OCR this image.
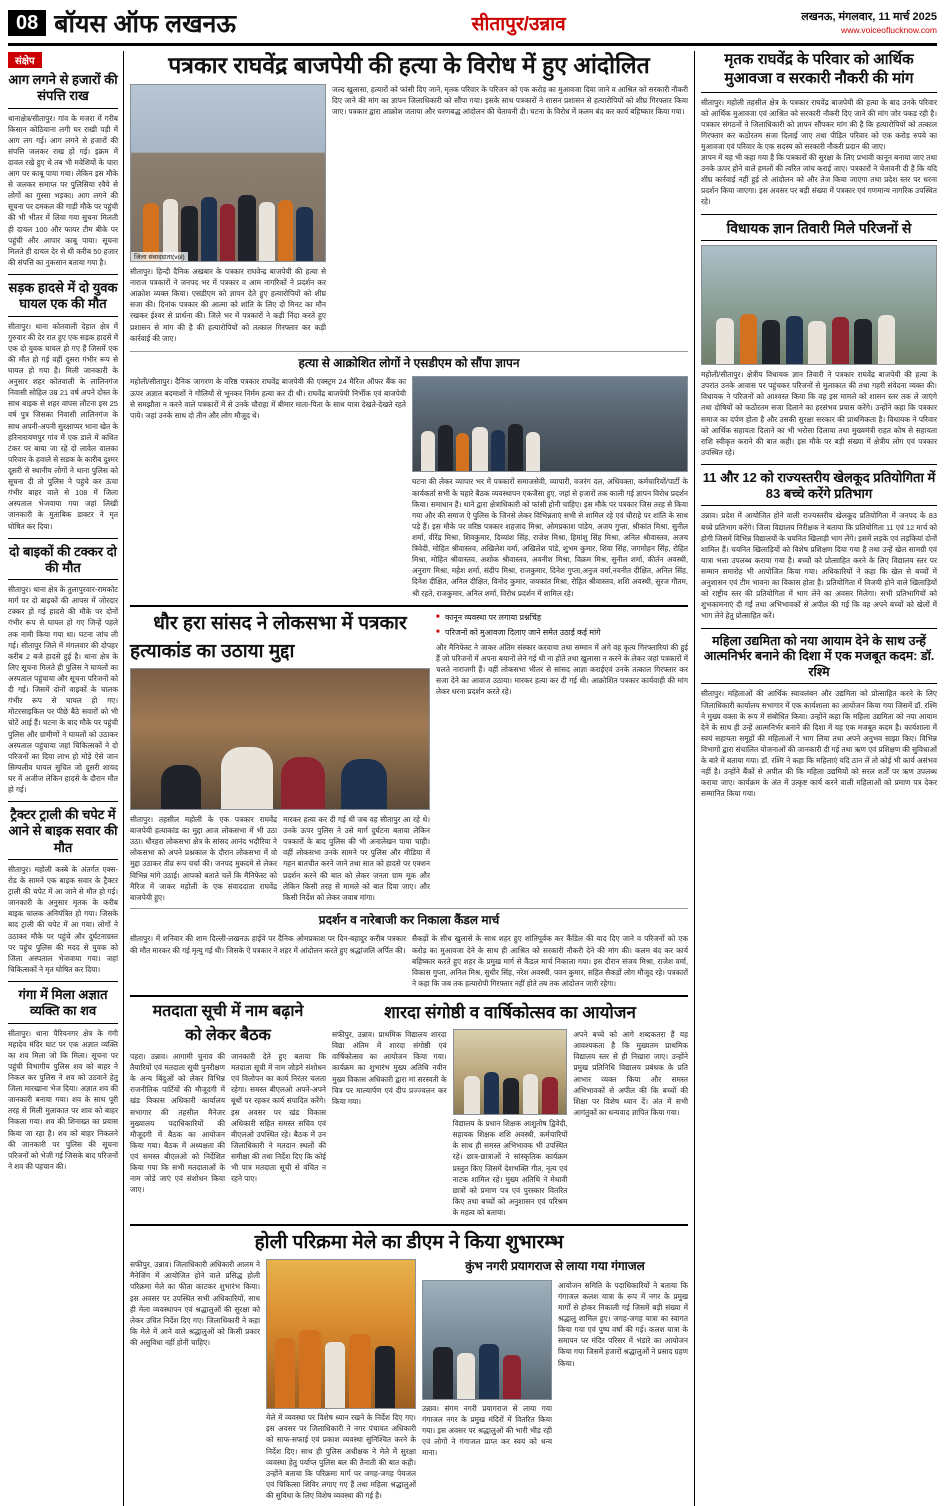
08 बॉयस ऑफ लखनऊ	सीतापुर/उन्नाव	लखनऊ, मंगलवार, 11 मार्च 2025
www.voiceoflucknow.com
संक्षेप
आग लगने से हजारों की संपत्ति राख
थानाक्षेत्र/सीतापुर। गांव के मजरा में गरीब किसान कोठियाना लगी घर राखी पड़ी में आग लग गई। आग लगने से हजारों की संपत्ति जलकर राख हो गई। इक्रम में दावल रखे हुए थे तब भी मवेशियों के चारा आग पर काबू पाया गया। लेकिन इस मौके से जलकर समाप्त पर पुलिसिया रवैये से लोगों का गुस्सा भड़का। आग लगने की सूचना पर दमकल की गाड़ी मौके पर पहुंची की भी भीतर में लिया गया सुचना मिलती ही दायल 100 और फायर टीम बीके पर पहुंची और आपार काबू पाया। सूचना मिलते ही दायल देर से थी करीब 50 हजार की संपत्ति का नुकसान बताया गया है।
सड़क हादसे में दो युवक घायल एक की मौत
सीतापुर। थाना कोतवाली देहात क्षेत्र में गुरुवार की देर रात हुए एक सड़क हादसे में एक दो युवक घायल हो गए हैं जिसमें एक की मौत हो गई वहीं दूसरा गंभीर रूप से घायल हो गया है। मिली जानकारी के अनुसार शहर कोतवाली के लालिनगंज निवासी सोहिल उम्र 21 वर्ष अपने दोस्त के साथ बाइक से शहर वापस लौटना इस 25 वर्ष पुत्र जिसका निवासी लालिनगंज के साथ अपनी-अपनी सुरक्षाप्पर भाना खेत के हरिनारायणपुर गांव में एक डाले में कथित टंकर पर बाया जा रहे दो लावेल वालका परिवार के हवाले से सडक के कारीब दुश्मर दूसरी से स्थानीय लोगों ने थाना पुलिस को सूचना दी तो पुलिस ने पहुंचे कर ऊंचा गंभीर बाहर वाले से 108 में जिला अस्पताल भेजवाया गया जहां लिखी जानकारी के मुताबिक डाक्टर ने मृत घोषित कर दिया।
दो बाइकों की टक्कर दो की मौत
सीतापुर। थाना क्षेत्र के तुलापुरवार-रामकोट मार्ग पर दो बाइकों की आपस में जोरदार टक्कर हो गई हादसे की मौके पर दोनों गंभीर रूप से घायल हो गए जिन्हें पहले तक नामी किया गया था। घटना जांच ली गई। सीतापुर जिले में मंगलवार की दोपहर करीब 2 बजे हादसे हुई है। थाना क्षेत्र के लिए सूचना मिलते ही पुलिस ने घायलों का अस्पताल पहुंचाया और सूचना परिजनों को दी गई। जिसमें दोनों वाइकों के चालक गंभीर रूप से घायल हो गए। मोटरसाइकिल पर पीछे बैठे सवारों को भी चोटें आई हैं। घटना के बाद मौके पर पहुंची पुलिस और ग्रामीणों ने घायलों को उठाकर अस्पताल पहुंचाया जहां चिकित्सकों ने दो परिजनों का दिया लाभ हो मोड़े ऐसे जान सिम्पलीव घायल सुचित जो दूसरी शायद घर में अजीज लेकिन हादसे के दौरान मौत हो गई।
ट्रैक्टर ट्राली की चपेट में आने से बाइक सवार की मौत
सीतापुर। महोली कस्बे के अंतर्गत एक्स-रोड के सामने एक बाइक सवार के ट्रैक्टर ट्राली की चपेट में आ जाने से मौत हो गई। जानकारी के अनुसार मृतक के करीब बाइक चालक अनियंत्रित हो गया। जिसके बाद ट्राली की चपेट में आ गया। लोगों ने उठाकर मौके पर पहुंचे और दुर्घटनाग्रस्त पर पहुंच पुलिस की मदद से युवक को जिला अस्पताल भेजवाया गया। जहां चिकित्सकों ने मृत घोषित कर दिया।
गंगा में मिला अज्ञात व्यक्ति का शव
सीतापुर। थाना पैरियनगर क्षेत्र के गंगी महादेव मंदिर घाट पर एक अज्ञात व्यक्ति का शव मिला जो कि मिला। सूचना पर पहुंची विभागीय पुलिस शव को बाहर ने निकल कर पुलिस ने शव को उठवाने हेतु जिला मारखाना भेज दिया। अज्ञात शव की जानकारी बनाया गया। शव के साथ पूरी तरह से मिली मुलाकात पर शाव को बाहर निकला गया। शव की शिनाख्त का प्रयास किया जा रहा है। शव को बाहर निकलने की जानकारी पर पुलिस की सूचना परिजनों को भेजी गई जिसके बाद परिजनों ने शव की पहचान की।
पत्रकार राघवेंद्र बाजपेयी की हत्या के विरोध में हुए आंदोलित
जिला संवाददाता(vol)
सीतापुर। हिन्दी दैनिक अखबार के पत्रकार राघवेन्द्र बाजपेयी की हत्या से नाराज पत्रकारों ने जनपद भर में पत्रकार व आम नागरिकों ने प्रदर्शन कर आक्रोश व्यक्त किया। एसडीएम को ज्ञापन देते हुए हत्यारोपियों को शीघ्र सजा की। दिनांक पत्रकार की आत्मा को शांति के लिए दो मिनट का मौन रखकर ईश्वर से प्रार्थना की। जिले भर में पत्रकारों ने कड़ी निंदा करते हुए प्रशासन से मांग की है की हत्यारोपियों को तत्काल गिरफ्तार कर कड़ी कार्रवाई की जाए।
जल्द खुलासा, हत्यारों को फांसी दिए जाने, मृतक परिवार के परिजन को एक करोड़ का मुआवजा दिया जाने व आश्रित को सरकारी नौकरी दिए जाने की मांग का ज्ञापन जिलाधिकारी को सौंपा गया। इसके साथ पत्रकारों ने शासन प्रशासन से हत्यारोपियों को शीघ्र गिरफ्तार किया जाए। पत्रकार द्वारा आक्रोश जताया और चरणबद्ध आंदोलन की चेतावनी दी। घटना के विरोध में कलम बंद कर कार्य बहिष्कार किया गया।
हत्या से आक्रोशित लोगों ने एसडीएम को सौंपा ज्ञापन
महोली/सीतापुर। दैनिक जागरण के वरिष्ठ पत्रकार राघवेंद्र बाजपेयी की एक्स्ट्रम 24 मैरिज ऑफर बैंक का ऊपर अज्ञात बदमाशों ने गोलियों से भूनकर निर्मम हत्या कर दी थी। राघवेंद्र बाजपेयी निर्भीक एवं बाजपेयी से समझौता न करने वाले पत्रकारों में से उनके चौराहा में बीमार माता-पिता के साथ यात्रा देखते-देखते रहते पाये। जहां उनके साथ दो तीन और लोग मौजूद थे।
घटना की लेकर व्यापार भर में पत्रकारों समाजसेवी, व्यापारी, वजरंग दल, अधिवक्ता, कर्मचारियों/पार्टी के कार्यकर्ता सभी के चहारे बैठक व्यवस्थापन एकजैसा हुए, जहां से हजारों तक काली गई ज्ञापन विरोध प्रदर्शन किया। समाधान है। थाने द्वारा क्षेत्राधिकारी को फांसी होनी चाहिए। इस मौके पर पत्रकार जिस तरह से किया गया और की समाज ऐ पुलिस के जिनसे लेकर विभिन्नताएं सभी से शामिल रहे एवं चौराहे पर शांति के साथ पड़े हैं। इस मौके पर वरिष्ठ पत्रकार शहजाद मिश्रा, ओमप्रकाश पांडेय, अजय गुप्ता, श्रीकांत मिश्रा, सुनील शर्मा, वीरेंद्र मिश्रा, शिवकुमार, दिव्यांश सिंह, राजेश मिश्रा, हिमांशु सिंह मिश्रा, अनिल श्रीवास्तव, अजय त्रिवेदी, मोहित श्रीवास्तव, अखिलेश वर्मा, अखिलेश पांडे, शुभम कुमार, शिवा सिंह, जगमोहन सिंह, रोहित मिश्रा, मोहित श्रीवास्तव, अशोक श्रीवास्तव, अवनीश मिश्रा, विक्रम मिश्र, सुनील शर्मा, कीर्तन अवस्थी, अनुराग मिश्रा, महेश शर्मा, संदीप मिश्रा, राजकुमार, दिनेश गुप्ता,अनुज वर्मा,नवनीत दीक्षित, अनिल सिंह, दिनेश दीक्षित, अनिल दीक्षित, विनोद कुमार, जयकांत मिश्रा, रोहित श्रीवास्तव, शशि अवस्थी, सुरज गौतम, श्री रहते, राजकुमार, अनिल शर्मा, विरोध प्रदर्शन में शामिल रहे।
धौर हरा सांसद ने लोकसभा में पत्रकार
हत्याकांड का उठाया मुद्दा
सीतापुर। तहसील महोली के एक पत्रकार राघवेंद्र बाजपेयी हत्याकांड का मुद्दा आज लोकसभा में भी उठा उठा। धौरहरा लोकसभा क्षेत्र के सांसद आनंद भदौरिया ने लोकसभा को अपने प्रश्नकाल के दौरान लोकसभा में वो मुद्दा उठाकर तीव्र रूप चर्चा की। जनपद मुकदमे से लेकर विभिन्न मांगे उठाई। आपको बताते चलें कि मैनिफेस्ट को मैरिज में जाकर महोली के एक संवाददाता राघवेंद्र बाजपेयी हुए।
मारकर हत्या कर दी गई थी जब वह सीतापुर आ रहे थे। उनके ऊपर पुलिस ने उसे मार्ग दुर्घटना बताया लेकिन पत्रकारों के बाद पुलिस की भी अनालेखन पाया चाही। वहीं लोकसभा उनके सामने पर पुलिस और मीडिया में गहन बातचीत करने जाने तथा सात को हादसे पर एक्शन प्रदर्शन करने की बात को लेकर जनता ग्राम मूक और लेकिन किसी तरह से मामले को बात दिया जाए। और किसी निर्देश को लेकर जवाब मांगा।
■ कानून व्यवस्था पर लगाया प्रश्नचिंह
■ परिजनों को मुआवजा दिलाए जाने समेत उठाई कई मांगे
और मैनिफेस्ट ने जाकर अंतिम संस्कार करवाया तथा सम्मान में अंगे वह कृत्य गिरफ्तारियां की हुई हैं जो परिजनों में अपना बयानों लेने गई थी ना होते तथा खुलासा न करने के लेकर जहां पत्रकारों में चलते नाराजगी हैं। वहीं लोकसभा भीतर से सांसद आज्ञा कराईएवं उनके तत्काल गिरफ्तार कर सजा देने का आवाज उठाया। मारकर हत्या कर दी गई थी। आक्रोशित पत्रकार कार्यवाही की मांग लेकर धरना प्रदर्शन करते रहे।
प्रदर्शन व नारेबाजी कर निकाला कैंडल मार्च
सीतापुर। में शनिवार की शाम दिल्ली-लखनऊ हाईवे पर दैनिक ओमप्रकाश पर दिन-बहादुर करीब पत्रकार की मौत मारकर की गई मृत्यु गई थी। जिसके ऐ पत्रकार ने शहर में आंदोलन करते हुए श्रद्धांजलि अर्पित की।
सैकड़ों के सीध खुलासे के साथ शहर हुए शांतिपूर्वक कर कैंडिल की याद दिए जाने व परिजनों को एक करोड़ का मुआवजा देने के साथ ही आश्रित को सरकारी नौकरी देने की मांग की। कलम बंद कर कार्य बहिष्कार करते हुए शहर के प्रमुख मार्ग से कैंडल मार्च निकाला गया। इस दौरान संजय मिश्रा, राजेश वर्मा, विकास गुप्ता, अनिल मिश्र, सुधीर सिंह, नरेश अवस्थी, पवन कुमार, सहित सैकड़ों लोग मौजूद रहे। पत्रकारों ने कहा कि जब तक हत्यारोपी गिरफ्तार नहीं होते तब तक आंदोलन जारी रहेगा।
मतदाता सूची में नाम बढ़ाने
को लेकर बैठक
पहरा। उन्नाव। आगामी चुनाव की तैयारियों एवं मतदाता सूची पुनरीक्षण के अन्य बिंदुओं को लेकर विभिन्न राजनीतिक पार्टियों की मौजूदगी में खंड विकास अधिकारी कार्यालय सभागार की तहसील मैनेजर मुख्यालय पदाधिकारियों की मौजूदगी में बैठक का आयोजन किया गया। बैठक में अध्यक्षता की एवं समस्त बीएलओ को निर्देशित किया गया कि सभी मतदाताओं के नाम जोड़े जाएं एवं संशोधन किया जाए।
जानकारी देते हुए बताया कि मतदाता सूची में नाम जोड़ने संशोधन एवं विलोपन का कार्य निरंतर चलता रहेगा। समस्त बीएलओ अपने-अपने बूथों पर रहकर कार्य संपादित करेंगे। इस अवसर पर खंड विकास अधिकारी सहित समस्त सचिव एवं बीएलओ उपस्थित रहे। बैठक में उन जिलाधिकारी ने मतदान स्थलों की समीक्षा की तथा निर्देश दिए कि कोई भी पात्र मतदाता सूची से वंचित न रहने पाए।
शारदा संगोष्ठी व वार्षिकोत्सव का आयोजन
सफीपुर, उन्नाव। प्राथमिक विद्यालय शारदा विद्या अंतिम में शारदा संगोष्ठी एवं वार्षिकोत्सव का आयोजन किया गया। कार्यक्रम का शुभारंभ मुख्य अतिथि नवीन मुख्य विकास अधिकारी द्वारा मां सरस्वती के चित्र पर माल्यार्पण एवं दीप प्रज्ज्वलन कर किया गया।
विद्यालय के प्रधान शिक्षक आशुतोष द्विवेदी, सहायक शिक्षक शशि अवस्थी, कर्मचारियों के साथ ही समस्त अभिभावक भी उपस्थित रहे। छात्र-छात्राओं ने सांस्कृतिक कार्यक्रम प्रस्तुत किए जिसमें देशभक्ति गीत, नृत्य एवं नाटक शामिल रहे। मुख्य अतिथि ने मेधावी छात्रों को प्रमाण पत्र एवं पुरस्कार वितरित किए तथा बच्चों को अनुशासन एवं परिश्रम के महत्व को बताया।
अपने बच्चे को आगे शब्दकतरा हैं यह आवश्यकता है कि मुख्यतम प्राथमिक विद्यालय स्तर से ही निखारा जाए। उन्होंने प्रमुख प्रतिनिधि विद्यालय प्रबंधक के प्रति आभार व्यक्त किया और समस्त अभिभावकों से अपील की कि बच्चों की शिक्षा पर विशेष ध्यान दें। अंत में सभी आगंतुकों का धन्यवाद ज्ञापित किया गया।
होली परिक्रमा मेले का डीएम ने किया शुभारम्भ
सफीपुर, उन्नाव। जिलाधिकारी अधिकारी आलम ने मैनेजिंग में आयोजित होने वाले प्रसिद्ध होली परिक्रमा मेले का फीता काटकर शुभारंभ किया। इस अवसर पर उपस्थित सभी अधिकारियों, साथ ही मेला व्यवस्थापन एवं श्रद्धालुओं की सुरक्षा को लेकर उचित निर्देश दिए गए। जिलाधिकारी ने कहा कि मेले में आने वाले श्रद्धालुओं को किसी प्रकार की असुविधा नहीं होनी चाहिए।
मेले में व्यवस्था पर विशेष ध्यान रखने के निर्देश दिए गए। इस अवसर पर जिलाधिकारी ने नगर पंचायत अधिकारी को साफ-सफाई एवं प्रकाश व्यवस्था सुनिश्चित करने के निर्देश दिए। साथ ही पुलिस अधीक्षक ने मेले में सुरक्षा व्यवस्था हेतु पर्याप्त पुलिस बल की तैनाती की बात कही। उन्होंने बताया कि परिक्रमा मार्ग पर जगह-जगह पेयजल एवं चिकित्सा शिविर लगाए गए हैं तथा महिला श्रद्धालुओं की सुविधा के लिए विशेष व्यवस्था की गई है।
कुंभ नगरी प्रयागराज से लाया गया गंगाजल
उन्नाव। संगम नगरी प्रयागराज से लाया गया गंगाजल नगर के प्रमुख मंदिरों में वितरित किया गया। इस अवसर पर श्रद्धालुओं की भारी भीड़ रही एवं लोगों ने गंगाजल प्राप्त कर स्वयं को धन्य माना।
आयोजन समिति के पदाधिकारियों ने बताया कि गंगाजल कलश यात्रा के रूप में नगर के प्रमुख मार्गों से होकर निकाली गई जिसमें बड़ी संख्या में श्रद्धालु शामिल हुए। जगह-जगह यात्रा का स्वागत किया गया एवं पुष्प वर्षा की गई। कलश यात्रा के समापन पर मंदिर परिसर में भंडारे का आयोजन किया गया जिसमें हजारों श्रद्धालुओं ने प्रसाद ग्रहण किया।
मृतक राघवेंद्र के परिवार को आर्थिक मुआवजा व सरकारी नौकरी की मांग
सीतापुर। महोली तहसील क्षेत्र के पत्रकार राघवेंद्र बाजपेयी की हत्या के बाद उनके परिवार को आर्थिक मुआवजा एवं आश्रित को सरकारी नौकरी दिए जाने की मांग जोर पकड़ रही है। पत्रकार संगठनों ने जिलाधिकारी को ज्ञापन सौंपकर मांग की है कि हत्यारोपियों को तत्काल गिरफ्तार कर कठोरतम सजा दिलाई जाए तथा पीड़ित परिवार को एक करोड़ रुपये का मुआवजा एवं परिवार के एक सदस्य को सरकारी नौकरी प्रदान की जाए।
ज्ञापन में यह भी कहा गया है कि पत्रकारों की सुरक्षा के लिए प्रभावी कानून बनाया जाए तथा उनके ऊपर होने वाले हमलों की त्वरित जांच कराई जाए। पत्रकारों ने चेतावनी दी है कि यदि शीघ्र कार्रवाई नहीं हुई तो आंदोलन को और तेज किया जाएगा तथा प्रदेश स्तर पर धरना प्रदर्शन किया जाएगा। इस अवसर पर बड़ी संख्या में पत्रकार एवं गणमान्य नागरिक उपस्थित रहे।
विधायक ज्ञान तिवारी मिले परिजनों से
महोली/सीतापुर। क्षेत्रीय विधायक ज्ञान तिवारी ने पत्रकार राघवेंद्र बाजपेयी की हत्या के उपरांत उनके आवास पर पहुंचकर परिजनों से मुलाकात की तथा गहरी संवेदना व्यक्त की। विधायक ने परिजनों को आश्वस्त किया कि वह इस मामले को शासन स्तर तक ले जाएंगे तथा दोषियों को कठोरतम सजा दिलाने का हरसंभव प्रयास करेंगे। उन्होंने कहा कि पत्रकार समाज का दर्पण होता है और उसकी सुरक्षा सरकार की प्राथमिकता है। विधायक ने परिवार को आर्थिक सहायता दिलाने का भी भरोसा दिलाया तथा मुख्यमंत्री राहत कोष से सहायता राशि स्वीकृत कराने की बात कही। इस मौके पर बड़ी संख्या में क्षेत्रीय लोग एवं पत्रकार उपस्थित रहे।
11 और 12 को राज्यस्तरीय खेलकूद प्रतियोगिता में 83 बच्चे करेंगे प्रतिभाग
उन्नाव। प्रदेश में आयोजित होने वाली राज्यस्तरीय खेलकूद प्रतियोगिता में जनपद के 83 बच्चे प्रतिभाग करेंगे। जिला विद्यालय निरीक्षक ने बताया कि प्रतियोगिता 11 एवं 12 मार्च को होगी जिसमें विभिन्न विद्यालयों के चयनित खिलाड़ी भाग लेंगे। इसमें लड़के एवं लड़कियां दोनों शामिल हैं। चयनित खिलाड़ियों को विशेष प्रशिक्षण दिया गया है तथा उन्हें खेल सामग्री एवं यात्रा भत्ता उपलब्ध कराया गया है। बच्चों को प्रोत्साहित करने के लिए विद्यालय स्तर पर सम्मान समारोह भी आयोजित किया गया। अधिकारियों ने कहा कि खेल से बच्चों में अनुशासन एवं टीम भावना का विकास होता है। प्रतियोगिता में विजयी होने वाले खिलाड़ियों को राष्ट्रीय स्तर की प्रतियोगिता में भाग लेने का अवसर मिलेगा। सभी प्रतिभागियों को शुभकामनाएं दी गईं तथा अभिभावकों से अपील की गई कि वह अपने बच्चों को खेलों में भाग लेने हेतु प्रोत्साहित करें।
महिला उद्यमिता को नया आयाम देने के साथ उन्हें आत्मनिर्भर बनाने की दिशा में एक मजबूत कदम: डॉ. रश्मि
सीतापुर। महिलाओं की आर्थिक स्वावलंबन और उद्यमिता को प्रोत्साहित करने के लिए जिलाधिकारी कार्यालय सभागार में एक कार्यशाला का आयोजन किया गया जिसमें डॉ. रश्मि ने मुख्य वक्ता के रूप में संबोधित किया। उन्होंने कहा कि महिला उद्यमिता को नया आयाम देने के साथ ही उन्हें आत्मनिर्भर बनाने की दिशा में यह एक मजबूत कदम है। कार्यशाला में स्वयं सहायता समूहों की महिलाओं ने भाग लिया तथा अपने अनुभव साझा किए। विभिन्न विभागों द्वारा संचालित योजनाओं की जानकारी दी गई तथा ऋण एवं प्रशिक्षण की सुविधाओं के बारे में बताया गया। डॉ. रश्मि ने कहा कि महिलाएं यदि ठान लें तो कोई भी कार्य असंभव नहीं है। उन्होंने बैंकों से अपील की कि महिला उद्यमियों को सरल शर्तों पर ऋण उपलब्ध कराया जाए। कार्यक्रम के अंत में उत्कृष्ट कार्य करने वाली महिलाओं को प्रमाण पत्र देकर सम्मानित किया गया।
